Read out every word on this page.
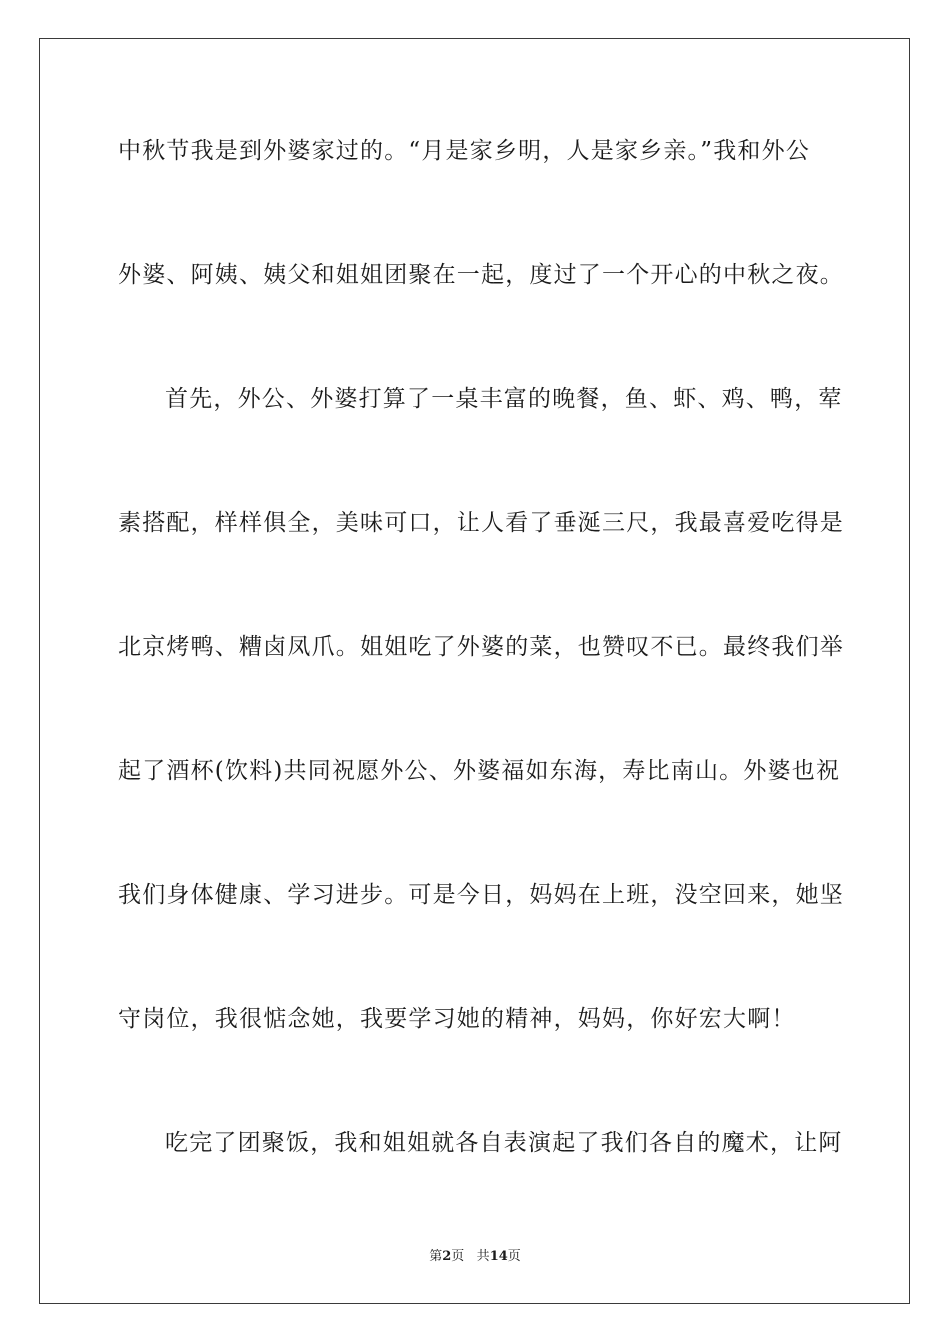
中秋节我是到外婆家过的。“月是家乡明，人是家乡亲。”我和外公
外婆、阿姨、姨父和姐姐团聚在一起，度过了一个开心的中秋之夜。
首先，外公、外婆打算了一桌丰富的晚餐，鱼、虾、鸡、鸭，荤
素搭配，样样俱全，美味可口，让人看了垂涎三尺，我最喜爱吃得是
北京烤鸭、糟卤凤爪。姐姐吃了外婆的菜，也赞叹不已。最终我们举
起了酒杯(饮料)共同祝愿外公、外婆福如东海，寿比南山。外婆也祝
我们身体健康、学习进步。可是今日，妈妈在上班，没空回来，她坚
守岗位，我很惦念她，我要学习她的精神，妈妈，你好宏大啊！
吃完了团聚饭，我和姐姐就各自表演起了我们各自的魔术，让阿
第2页 共14页
